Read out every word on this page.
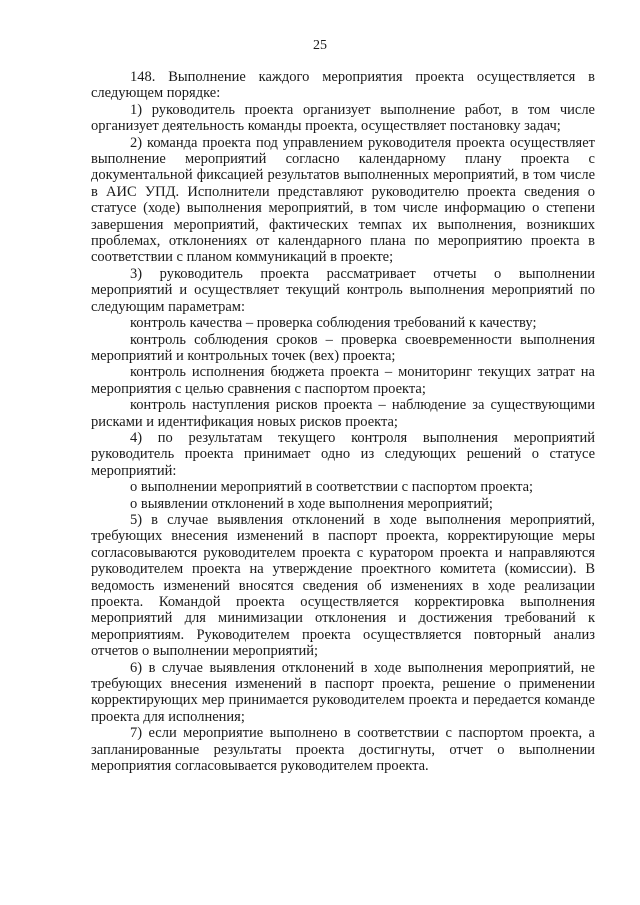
25

148. Выполнение каждого мероприятия проекта осуществляется в следующем порядке:

1) руководитель проекта организует выполнение работ, в том числе организует деятельность команды проекта, осуществляет постановку задач;

2) команда проекта под управлением руководителя проекта осуществляет выполнение мероприятий согласно календарному плану проекта с документальной фиксацией результатов выполненных мероприятий, в том числе в АИС УПД. Исполнители представляют руководителю проекта сведения о статусе (ходе) выполнения мероприятий, в том числе информацию о степени завершения мероприятий, фактических темпах их выполнения, возникших проблемах, отклонениях от календарного плана по мероприятию проекта в соответствии с планом коммуникаций в проекте;

3) руководитель проекта рассматривает отчеты о выполнении мероприятий и осуществляет текущий контроль выполнения мероприятий по следующим параметрам:

контроль качества – проверка соблюдения требований к качеству;

контроль соблюдения сроков – проверка своевременности выполнения мероприятий и контрольных точек (вех) проекта;

контроль исполнения бюджета проекта – мониторинг текущих затрат на мероприятия с целью сравнения с паспортом проекта;

контроль наступления рисков проекта – наблюдение за существующими рисками и идентификация новых рисков проекта;

4) по результатам текущего контроля выполнения мероприятий руководитель проекта принимает одно из следующих решений о статусе мероприятий:

о выполнении мероприятий в соответствии с паспортом проекта;

о выявлении отклонений в ходе выполнения мероприятий;

5) в случае выявления отклонений в ходе выполнения мероприятий, требующих внесения изменений в паспорт проекта, корректирующие меры согласовываются руководителем проекта с куратором проекта и направляются руководителем проекта на утверждение проектного комитета (комиссии). В ведомость изменений вносятся сведения об изменениях в ходе реализации проекта. Командой проекта осуществляется корректировка выполнения мероприятий для минимизации отклонения и достижения требований к мероприятиям. Руководителем проекта осуществляется повторный анализ отчетов о выполнении мероприятий;

6) в случае выявления отклонений в ходе выполнения мероприятий, не требующих внесения изменений в паспорт проекта, решение о применении корректирующих мер принимается руководителем проекта и передается команде проекта для исполнения;

7) если мероприятие выполнено в соответствии с паспортом проекта, а запланированные результаты проекта достигнуты, отчет о выполнении мероприятия согласовывается руководителем проекта.
